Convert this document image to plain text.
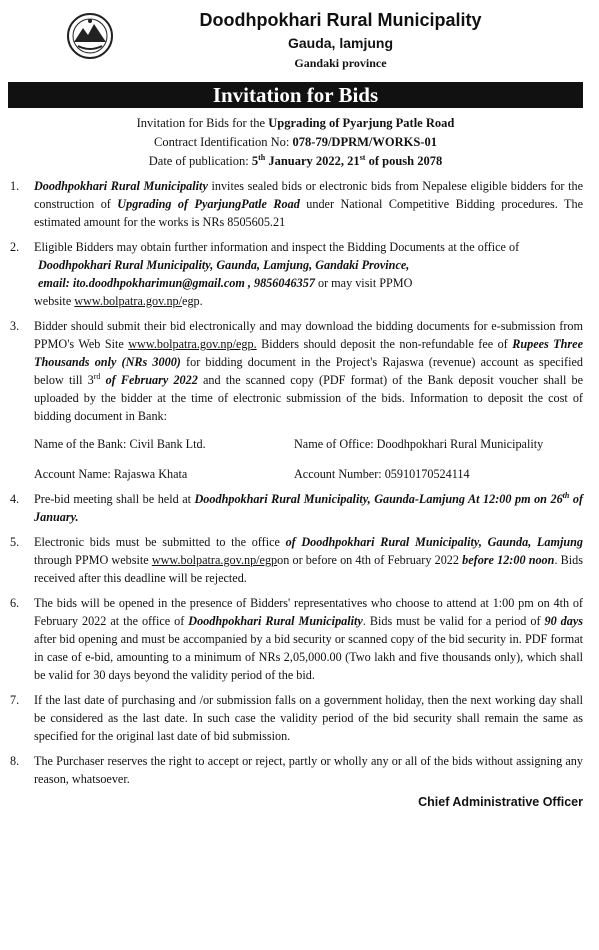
Doodhpokhari Rural Municipality
Gauda, lamjung
Gandaki province
Invitation for Bids
Invitation for Bids for the Upgrading of Pyarjung Patle Road
Contract Identification No: 078-79/DPRM/WORKS-01
Date of publication: 5th January 2022, 21st of poush 2078
1. Doodhpokhari Rural Municipality invites sealed bids or electronic bids from Nepalese eligible bidders for the construction of Upgrading of PyarjungPatle Road under National Competitive Bidding procedures. The estimated amount for the works is NRs 8505605.21
2. Eligible Bidders may obtain further information and inspect the Bidding Documents at the office of
Doodhpokhari Rural Municipality, Gaunda, Lamjung, Gandaki Province,
email: ito.doodhpokharimun@gmail.com , 9856046357 or may visit PPMO
website www.bolpatra.gov.np/egp.
3. Bidder should submit their bid electronically and may download the bidding documents for e-submission from PPMO's Web Site www.bolpatra.gov.np/egp. Bidders should deposit the non-refundable fee of Rupees Three Thousands only (NRs 3000) for bidding document in the Project's Rajaswa (revenue) account as specified below till 3rd of February 2022 and the scanned copy (PDF format) of the Bank deposit voucher shall be uploaded by the bidder at the time of electronic submission of the bids. Information to deposit the cost of bidding document in Bank:
Name of the Bank: Civil Bank Ltd.	Name of Office: Doodhpokhari Rural Municipality
Account Name: Rajaswa Khata	Account Number: 05910170524114
4. Pre-bid meeting shall be held at Doodhpokhari Rural Municipality, Gaunda-Lamjung At 12:00 pm on 26th of January.
5. Electronic bids must be submitted to the office of Doodhpokhari Rural Municipality, Gaunda, Lamjung through PPMO website www.bolpatra.gov.np/egpon or before on 4th of February 2022 before 12:00 noon. Bids received after this deadline will be rejected.
6. The bids will be opened in the presence of Bidders' representatives who choose to attend at 1:00 pm on 4th of February 2022 at the office of Doodhpokhari Rural Municipality. Bids must be valid for a period of 90 days after bid opening and must be accompanied by a bid security or scanned copy of the bid security in. PDF format in case of e-bid, amounting to a minimum of NRs 2,05,000.00 (Two lakh and five thousands only), which shall be valid for 30 days beyond the validity period of the bid.
7. If the last date of purchasing and /or submission falls on a government holiday, then the next working day shall be considered as the last date. In such case the validity period of the bid security shall remain the same as specified for the original last date of bid submission.
8. The Purchaser reserves the right to accept or reject, partly or wholly any or all of the bids without assigning any reason, whatsoever.
Chief Administrative Officer
